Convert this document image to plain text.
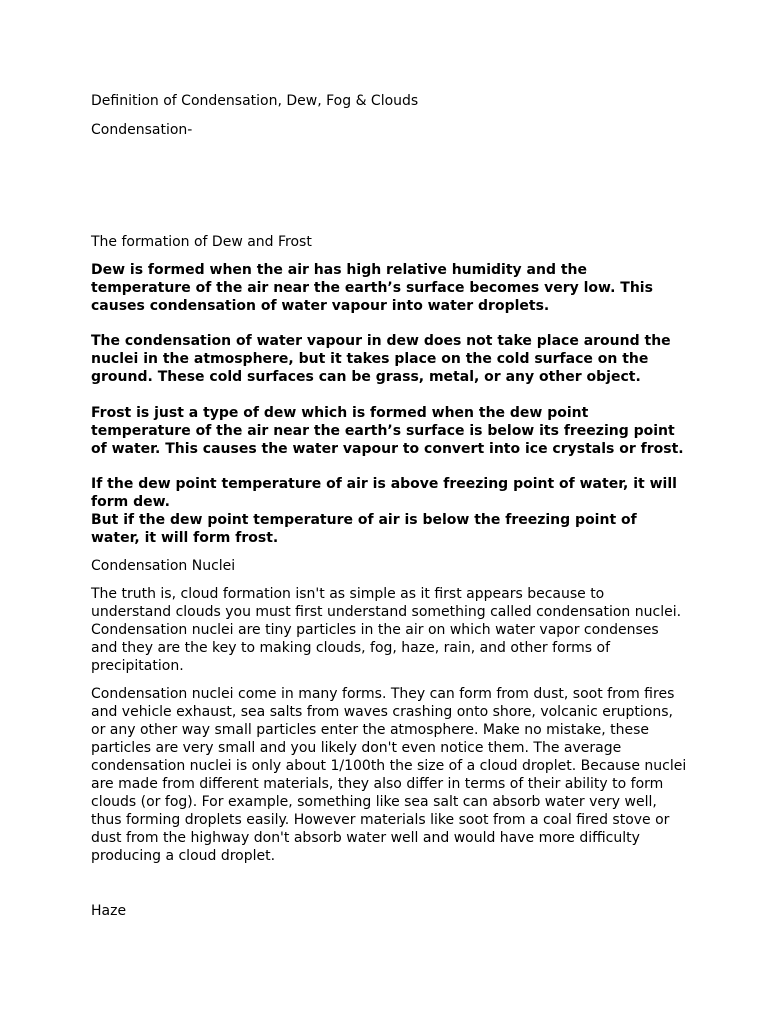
Definition of Condensation, Dew, Fog & Clouds

Condensation-

The formation of Dew and Frost

Dew is formed when the air has high relative humidity and the
temperature of the air near the earth’s surface becomes very low. This
causes condensation of water vapour into water droplets.
The condensation of water vapour in dew does not take place around the
nuclei in the atmosphere, but it takes place on the cold surface on the
ground. These cold surfaces can be grass, metal, or any other object.
Frost is just a type of dew which is formed when the dew point
temperature of the air near the earth’s surface is below its freezing point
of water. This causes the water vapour to convert into ice crystals or frost.
If the dew point temperature of air is above freezing point of water, it will
form dew.
But if the dew point temperature of air is below the freezing point of
water, it will form frost.

Condensation Nuclei

The truth is, cloud formation isn't as simple as it first appears because to
understand clouds you must first understand something called condensation nuclei.
Condensation nuclei are tiny particles in the air on which water vapor condenses
and they are the key to making clouds, fog, haze, rain, and other forms of
precipitation.
Condensation nuclei come in many forms. They can form from dust, soot from fires
and vehicle exhaust, sea salts from waves crashing onto shore, volcanic eruptions,
or any other way small particles enter the atmosphere. Make no mistake, these
particles are very small and you likely don't even notice them. The average
condensation nuclei is only about 1/100th the size of a cloud droplet. Because nuclei
are made from different materials, they also differ in terms of their ability to form
clouds (or fog). For example, something like sea salt can absorb water very well,
thus forming droplets easily. However materials like soot from a coal fired stove or
dust from the highway don't absorb water well and would have more difficulty
producing a cloud droplet.

Haze
